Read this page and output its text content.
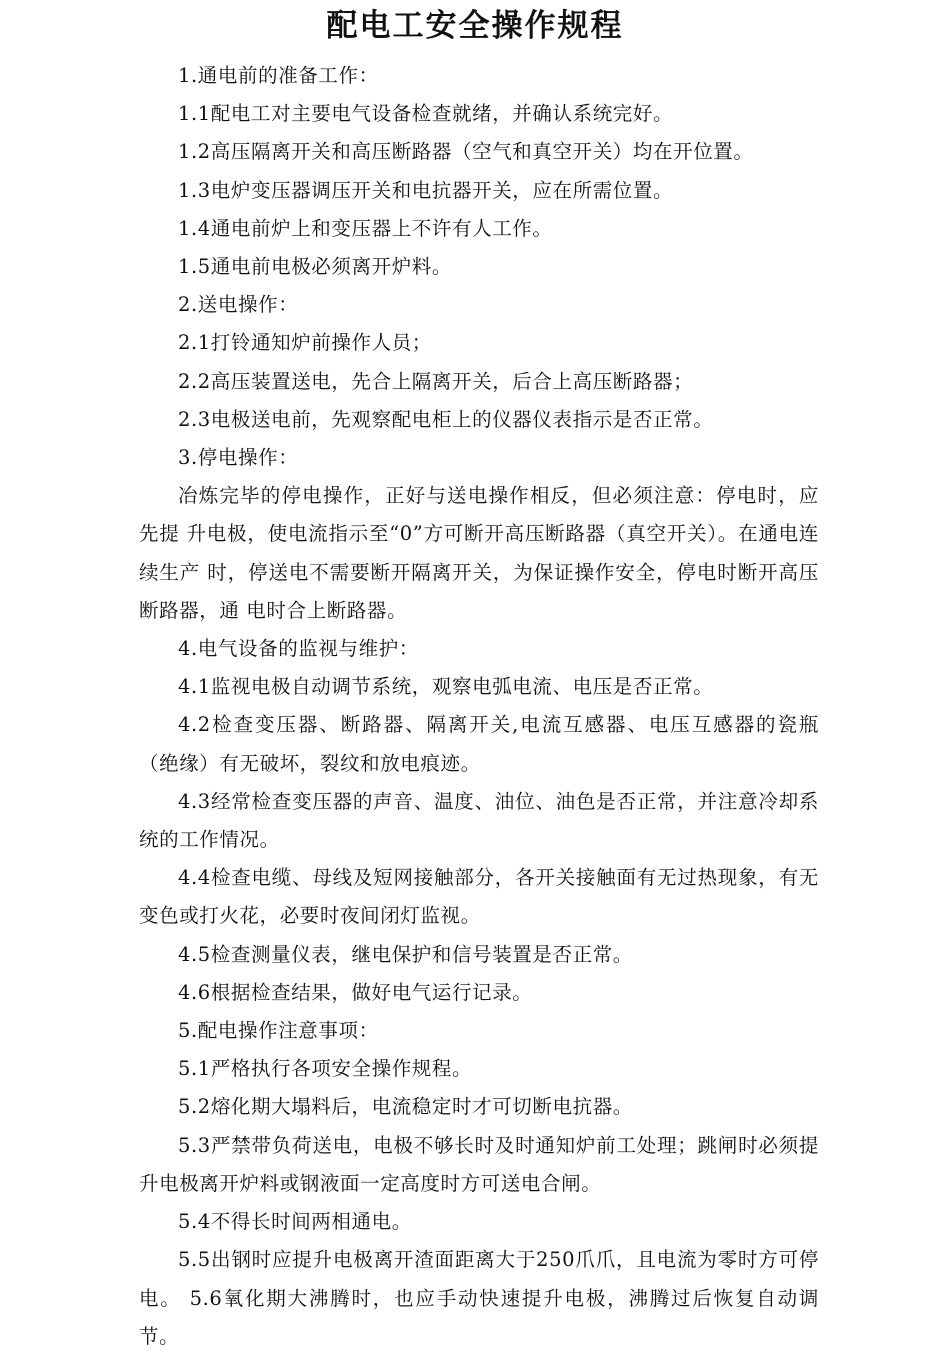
配电工安全操作规程

1.通电前的准备工作：

1.1配电工对主要电气设备检查就绪，并确认系统完好。

1.2高压隔离开关和高压断路器（空气和真空开关）均在开位置。

1.3电炉变压器调压开关和电抗器开关，应在所需位置。

1.4通电前炉上和变压器上不许有人工作。

1.5通电前电极必须离开炉料。

2.送电操作：

2.1打铃通知炉前操作人员；

2.2高压装置送电，先合上隔离开关，后合上高压断路器；

2.3电极送电前，先观察配电柜上的仪器仪表指示是否正常。

3.停电操作：

冶炼完毕的停电操作，正好与送电操作相反，但必须注意：停电时，应先提 升电极，使电流指示至“0”方可断开高压断路器（真空开关）。在通电连续生产 时，停送电不需要断开隔离开关，为保证操作安全，停电时断开高压断路器，通 电时合上断路器。

4.电气设备的监视与维护：

4.1监视电极自动调节系统，观察电弧电流、电压是否正常。

4.2检查变压器、断路器、隔离开关,电流互感器、电压互感器的瓷瓶（绝缘）有无破坏，裂纹和放电痕迹。

4.3经常检查变压器的声音、温度、油位、油色是否正常，并注意冷却系统的工作情况。

4.4检查电缆、母线及短网接触部分，各开关接触面有无过热现象，有无变色或打火花，必要时夜间闭灯监视。

4.5检查测量仪表，继电保护和信号装置是否正常。

4.6根据检查结果，做好电气运行记录。

5.配电操作注意事项：

5.1严格执行各项安全操作规程。

5.2熔化期大塌料后，电流稳定时才可切断电抗器。

5.3严禁带负荷送电，电极不够长时及时通知炉前工处理；跳闸时必须提升电极离开炉料或钢液面一定高度时方可送电合闸。

5.4不得长时间两相通电。

5.5出钢时应提升电极离开渣面距离大于250爪爪，且电流为零时方可停电。 5.6氧化期大沸腾时，也应手动快速提升电极，沸腾过后恢复自动调节。
